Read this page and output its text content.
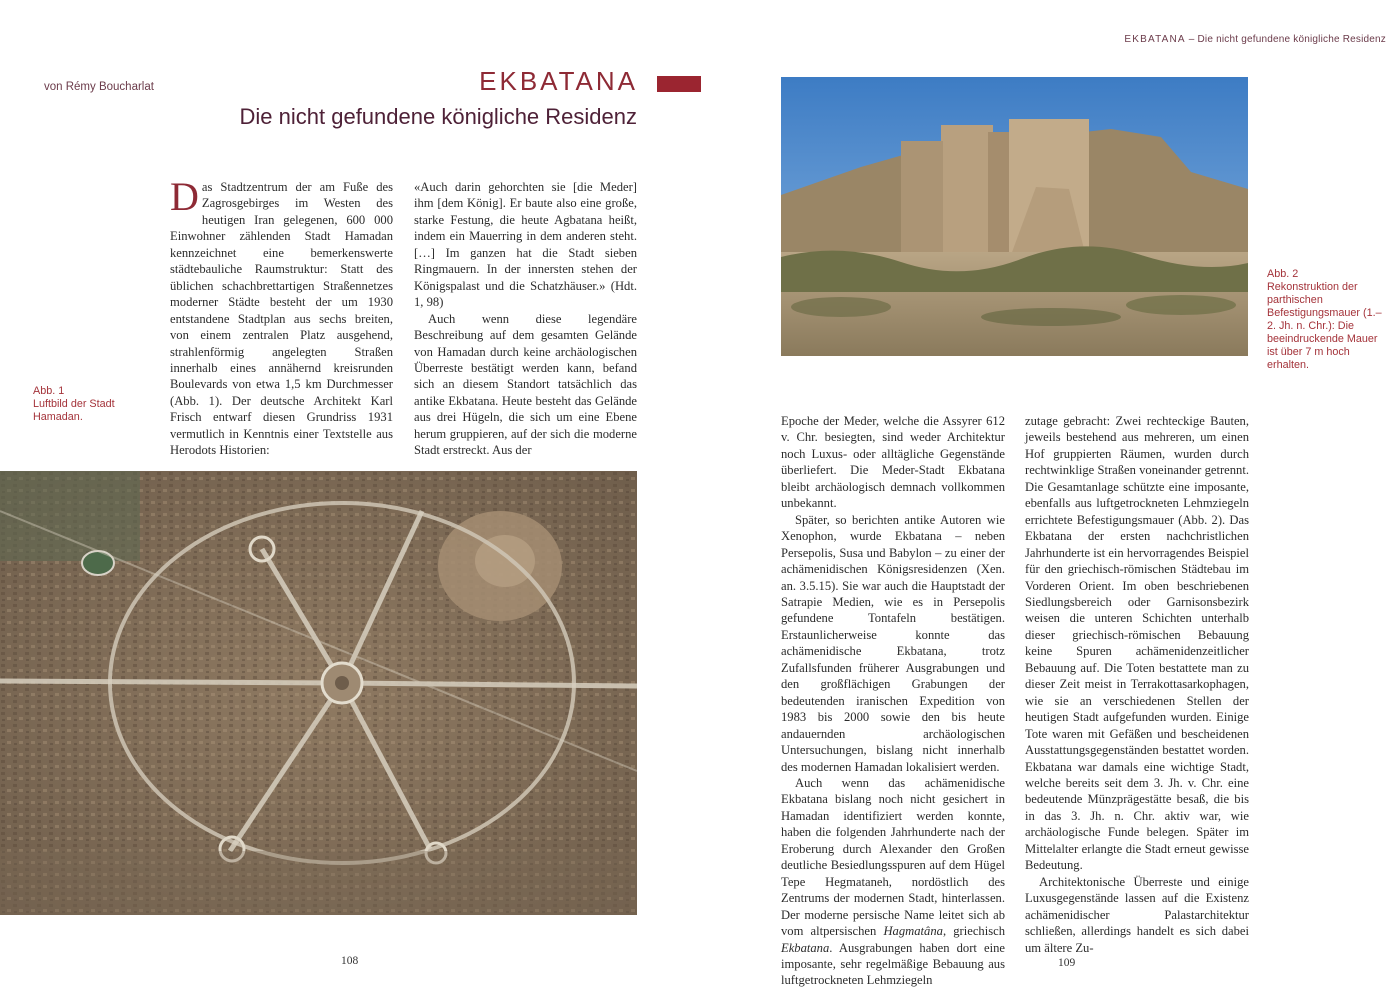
EKBATANA – Die nicht gefundene königliche Residenz
von Rémy Boucharlat	EKBATANA
Die nicht gefundene königliche Residenz

Das Stadtzentrum der am Fuße des Zagrosgebirges im Westen des heutigen Iran gelegenen, 600 000 Einwohner zählenden Stadt Hamadan kennzeichnet eine bemerkenswerte städtebauliche Raumstruktur: Statt des üblichen schachbrettartigen Straßennetzes moderner Städte besteht der um 1930 entstandene Stadtplan aus sechs breiten, von einem zentralen Platz ausgehend, strahlenförmig angelegten Straßen innerhalb eines annähernd kreisrunden Boulevards von etwa 1,5 km Durchmesser (Abb. 1). Der deutsche Architekt Karl Frisch entwarf diesen Grundriss 1931 vermutlich in Kenntnis einer Textstelle aus Herodots Historien:

«Auch darin gehorchten sie [die Meder] ihm [dem König]. Er baute also eine große, starke Festung, die heute Agbatana heißt, indem ein Mauerring in dem anderen steht. […] Im ganzen hat die Stadt sieben Ringmauern. In der innersten stehen der Königspalast und die Schatzhäuser.» (Hdt. 1, 98)

Auch wenn diese legendäre Beschreibung auf dem gesamten Gelände von Hamadan durch keine archäologischen Überreste bestätigt werden kann, befand sich an diesem Standort tatsächlich das antike Ekbatana. Heute besteht das Gelände aus drei Hügeln, die sich um eine Ebene herum gruppieren, auf der sich die moderne Stadt erstreckt. Aus der

Abb. 1
Luftbild der Stadt Hamadan.
108
Abb. 2
Rekonstruktion der parthischen Befestigungsmauer (1.–2. Jh. n. Chr.): Die beeindruckende Mauer ist über 7 m hoch erhalten.

Epoche der Meder, welche die Assyrer 612 v. Chr. besiegten, sind weder Architektur noch Luxus- oder alltägliche Gegenstände überliefert. Die Meder-Stadt Ekbatana bleibt archäologisch demnach vollkommen unbekannt.

Später, so berichten antike Autoren wie Xenophon, wurde Ekbatana – neben Persepolis, Susa und Babylon – zu einer der achämenidischen Königsresidenzen (Xen. an. 3.5.15). Sie war auch die Hauptstadt der Satrapie Medien, wie es in Persepolis gefundene Tontafeln bestätigen. Erstaunlicherweise konnte das achämenidische Ekbatana, trotz Zufallsfunden früherer Ausgrabungen und den großflächigen Grabungen der bedeutenden iranischen Expedition von 1983 bis 2000 sowie den bis heute andauernden archäologischen Untersuchungen, bislang nicht innerhalb des modernen Hamadan lokalisiert werden.

Auch wenn das achämenidische Ekbatana bislang noch nicht gesichert in Hamadan identifiziert werden konnte, haben die folgenden Jahrhunderte nach der Eroberung durch Alexander den Großen deutliche Besiedlungsspuren auf dem Hügel Tepe Hegmataneh, nordöstlich des Zentrums der modernen Stadt, hinterlassen. Der moderne persische Name leitet sich ab vom altpersischen Hagmatâna, griechisch Ekbatana. Ausgrabungen haben dort eine imposante, sehr regelmäßige Bebauung aus luftgetrockneten Lehmziegeln

zutage gebracht: Zwei rechteckige Bauten, jeweils bestehend aus mehreren, um einen Hof gruppierten Räumen, wurden durch rechtwinklige Straßen voneinander getrennt. Die Gesamtanlage schützte eine imposante, ebenfalls aus luftgetrockneten Lehmziegeln errichtete Befestigungsmauer (Abb. 2). Das Ekbatana der ersten nachchristlichen Jahrhunderte ist ein hervorragendes Beispiel für den griechisch-römischen Städtebau im Vorderen Orient. Im oben beschriebenen Siedlungsbereich oder Garnisonsbezirk weisen die unteren Schichten unterhalb dieser griechisch-römischen Bebauung keine Spuren achämenidenzeitlicher Bebauung auf. Die Toten bestattete man zu dieser Zeit meist in Terrakottasarkophagen, wie sie an verschiedenen Stellen der heutigen Stadt aufgefunden wurden. Einige Tote waren mit Gefäßen und bescheidenen Ausstattungsgegenständen bestattet worden. Ekbatana war damals eine wichtige Stadt, welche bereits seit dem 3. Jh. v. Chr. eine bedeutende Münzprägestätte besaß, die bis in das 3. Jh. n. Chr. aktiv war, wie archäologische Funde belegen. Später im Mittelalter erlangte die Stadt erneut gewisse Bedeutung.

Architektonische Überreste und einige Luxusgegenstände lassen auf die Existenz achämenidischer Palastarchitektur schließen, allerdings handelt es sich dabei um ältere Zu-

109
